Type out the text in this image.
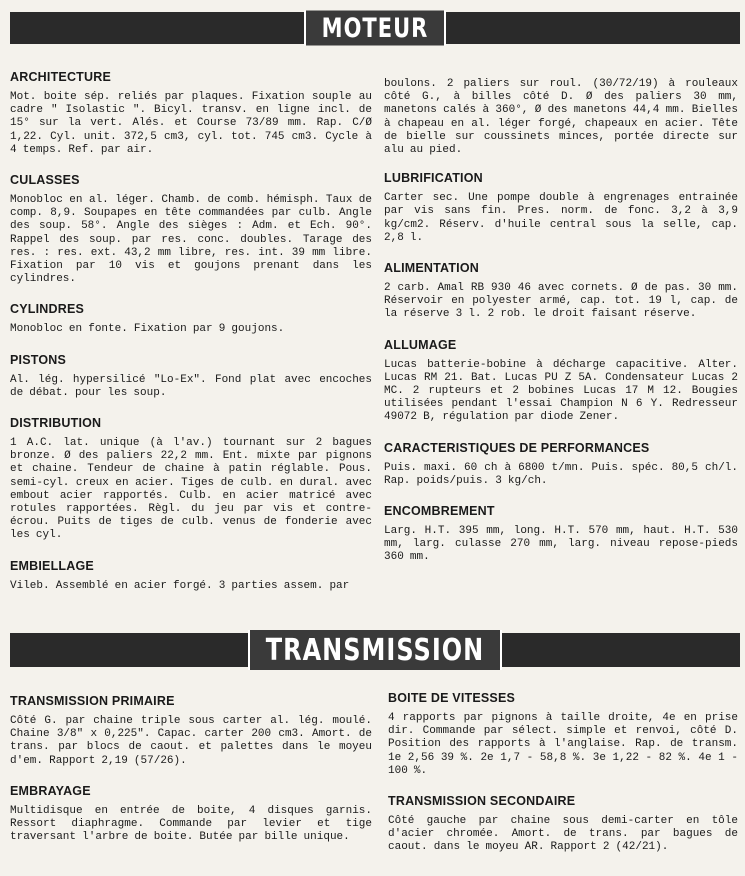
MOTEUR
ARCHITECTURE
Mot. boite sép. reliés par plaques. Fixation souple au cadre " Isolastic ". Bicyl. transv. en ligne incl. de 15° sur la vert. Alés. et Course 73/89 mm. Rap. C/Ø 1,22. Cyl. unit. 372,5 cm3, cyl. tot. 745 cm3. Cycle à 4 temps. Ref. par air.
CULASSES
Monobloc en al. léger. Chamb. de comb. hémisph. Taux de comp. 8,9. Soupapes en tête commandées par culb. Angle des soup. 58°. Angle des sièges : Adm. et Ech. 90°. Rappel des soup. par res. conc. doubles. Tarage des res. : res. ext. 43,2 mm libre, res. int. 39 mm libre. Fixation par 10 vis et goujons prenant dans les cylindres.
CYLINDRES
Monobloc en fonte. Fixation par 9 goujons.
PISTONS
Al. lég. hypersilicé "Lo-Ex". Fond plat avec encoches de débat. pour les soup.
DISTRIBUTION
1 A.C. lat. unique (à l'av.) tournant sur 2 bagues bronze. Ø des paliers 22,2 mm. Ent. mixte par pignons et chaine. Tendeur de chaine à patin réglable. Pous. semi-cyl. creux en acier. Tiges de culb. en dural. avec embout acier rapportés. Culb. en acier matricé avec rotules rapportées. Règl. du jeu par vis et contre-écrou. Puits de tiges de culb. venus de fonderie avec les cyl.
EMBIELLAGE
Vileb. Assemblé en acier forgé. 3 parties assem. par
boulons. 2 paliers sur roul. (30/72/19) à rouleaux côté G., à billes côté D. Ø des paliers 30 mm, manetons calés à 360°, Ø des manetons 44,4 mm. Bielles à chapeau en al. léger forgé, chapeaux en acier. Tête de bielle sur coussinets minces, portée directe sur alu au pied.
LUBRIFICATION
Carter sec. Une pompe double à engrenages entrainée par vis sans fin. Pres. norm. de fonc. 3,2 à 3,9 kg/cm2. Réserv. d'huile central sous la selle, cap. 2,8 l.
ALIMENTATION
2 carb. Amal RB 930 46 avec cornets. Ø de pas. 30 mm. Réservoir en polyester armé, cap. tot. 19 l, cap. de la réserve 3 l. 2 rob. le droit faisant réserve.
ALLUMAGE
Lucas batterie-bobine à décharge capacitive. Alter. Lucas RM 21. Bat. Lucas PU Z 5A. Condensateur Lucas 2 MC. 2 rupteurs et 2 bobines Lucas 17 M 12. Bougies utilisées pendant l'essai Champion N 6 Y. Redresseur 49072 B, régulation par diode Zener.
CARACTERISTIQUES DE PERFORMANCES
Puis. maxi. 60 ch à 6800 t/mn. Puis. spéc. 80,5 ch/l. Rap. poids/puis. 3 kg/ch.
ENCOMBREMENT
Larg. H.T. 395 mm, long. H.T. 570 mm, haut. H.T. 530 mm, larg. culasse 270 mm, larg. niveau repose-pieds 360 mm.
TRANSMISSION
TRANSMISSION PRIMAIRE
Côté G. par chaine triple sous carter al. lég. moulé. Chaine 3/8" x 0,225". Capac. carter 200 cm3. Amort. de trans. par blocs de caout. et palettes dans le moyeu d'em. Rapport 2,19 (57/26).
EMBRAYAGE
Multidisque en entrée de boite, 4 disques garnis. Ressort diaphragme. Commande par levier et tige traversant l'arbre de boite. Butée par bille unique.
BOITE DE VITESSES
4 rapports par pignons à taille droite, 4e en prise dir. Commande par sélect. simple et renvoi, côté D. Position des rapports à l'anglaise. Rap. de transm. 1e 2,56 39 %. 2e 1,7 - 58,8 %. 3e 1,22 - 82 %. 4e 1 - 100 %.
TRANSMISSION SECONDAIRE
Côté gauche par chaine sous demi-carter en tôle d'acier chromée. Amort. de trans. par bagues de caout. dans le moyeu AR. Rapport 2 (42/21).
